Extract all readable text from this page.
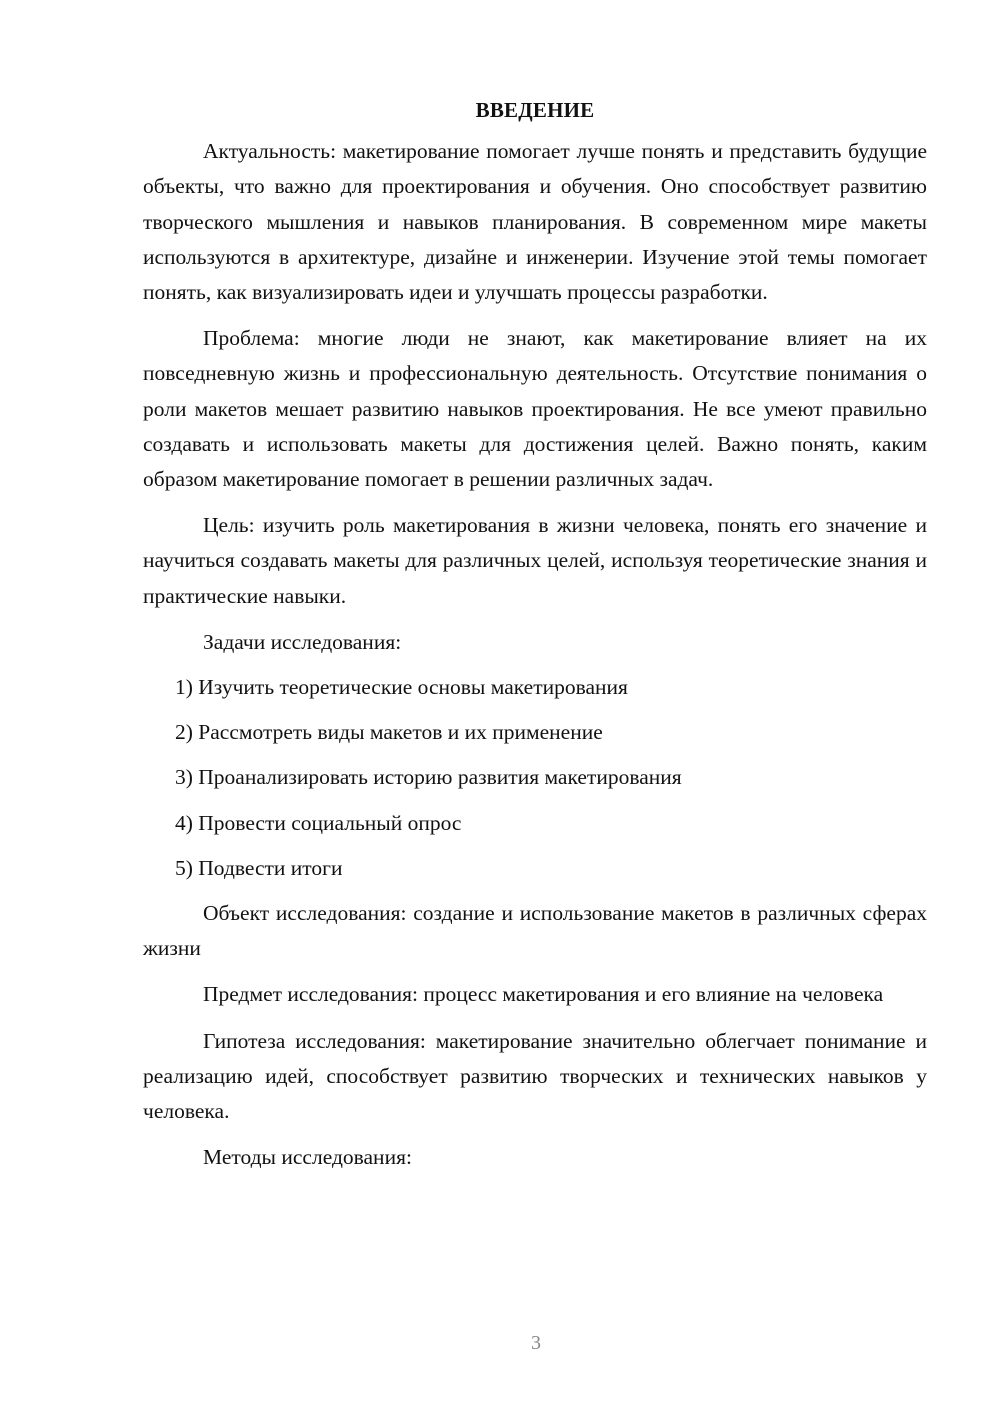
ВВЕДЕНИЕ

Актуальность: макетирование помогает лучше понять и представить будущие объекты, что важно для проектирования и обучения. Оно способствует развитию творческого мышления и навыков планирования. В современном мире макеты используются в архитектуре, дизайне и инженерии. Изучение этой темы помогает понять, как визуализировать идеи и улучшать процессы разработки.

Проблема: многие люди не знают, как макетирование влияет на их повседневную жизнь и профессиональную деятельность. Отсутствие понимания о роли макетов мешает развитию навыков проектирования. Не все умеют правильно создавать и использовать макеты для достижения целей. Важно понять, каким образом макетирование помогает в решении различных задач.

Цель: изучить роль макетирования в жизни человека, понять его значение и научиться создавать макеты для различных целей, используя теоретические знания и практические навыки.

Задачи исследования:

1) Изучить теоретические основы макетирования
2) Рассмотреть виды макетов и их применение
3) Проанализировать историю развития макетирования
4) Провести социальный опрос
5) Подвести итоги

Объект исследования: создание и использование макетов в различных сферах жизни

Предмет исследования: процесс макетирования и его влияние на человека

Гипотеза исследования: макетирование значительно облегчает понимание и реализацию идей, способствует развитию творческих и технических навыков у человека.

Методы исследования:

3
